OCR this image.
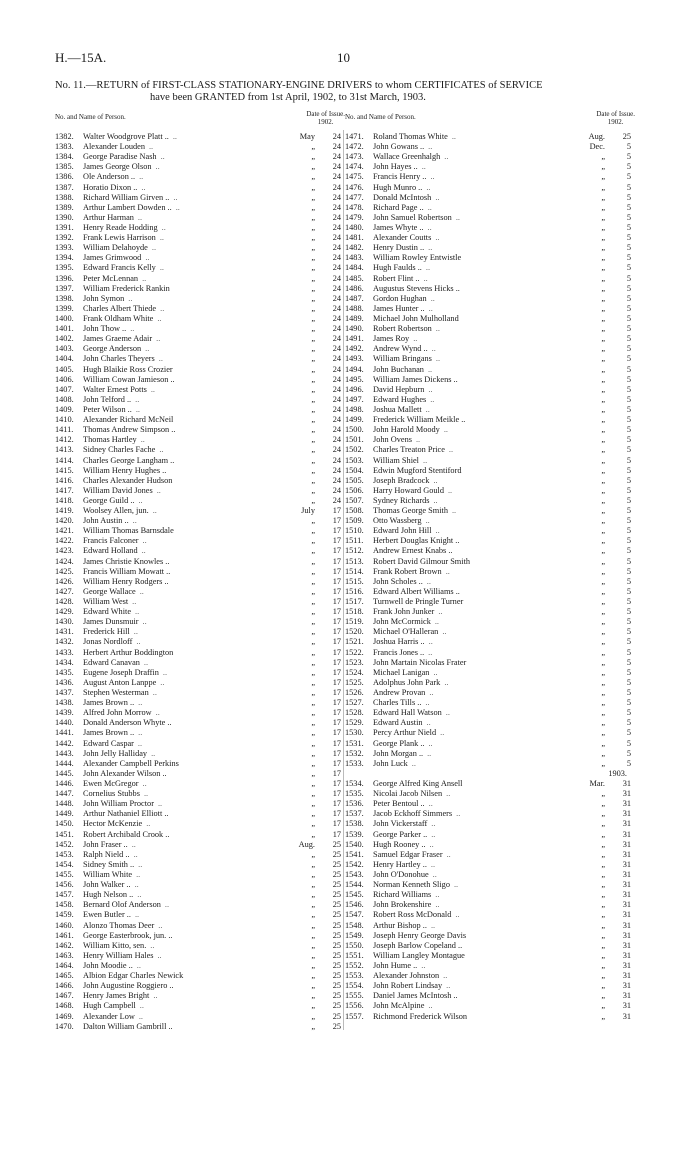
H.—15A.	10
No. 11.—RETURN of FIRST-CLASS STATIONARY-ENGINE DRIVERS to whom CERTIFICATES of SERVICE
have been GRANTED from 1st April, 1902, to 31st March, 1903.
No. and Name of Person.	Date of Issue.
1902.
1382. Walter Woodgrove Platt .. ..	May	24
1383. Alexander Louden ..	„	24
1384. George Paradise Nash ..	„	24
1385. James George Olson ..	„	24
1386. Ole Anderson .. ..	„	24
1387. Horatio Dixon .. ..	„	24
1388. Richard William Girven .. ..	„	24
1389. Arthur Lambert Dowden .. ..	„	24
1390. Arthur Harman ..	„	24
1391. Henry Reade Hodding ..	„	24
1392. Frank Lewis Harrison ..	„	24
1393. William Delahoyde ..	„	24
1394. James Grimwood ..	„	24
1395. Edward Francis Kelly ..	„	24
1396. Peter McLennan ..	„	24
1397. William Frederick Rankin	„	24
1398. John Symon ..	„	24
1399. Charles Albert Thiede ..	„	24
1400. Frank Oldham White ..	„	24
1401. John Thow .. ..	„	24
1402. James Graeme Adair ..	„	24
1403. George Anderson ..	„	24
1404. John Charles Theyers ..	„	24
1405. Hugh Blaikie Ross Crozier	„	24
1406. William Cowan Jamieson ..	„	24
1407. Walter Ernest Potts ..	„	24
1408. John Telford .. ..	„	24
1409. Peter Wilson .. ..	„	24
1410. Alexander Richard McNeil	„	24
1411. Thomas Andrew Simpson ..	„	24
1412. Thomas Hartley ..	„	24
1413. Sidney Charles Fache ..	„	24
1414. Charles George Langham ..	„	24
1415. William Henry Hughes ..	„	24
1416. Charles Alexander Hudson	„	24
1417. William David Jones ..	„	24
1418. George Guild .. ..	„	24
1419. Woolsey Allen, jun. ..	July	17
1420. John Austin .. ..	„	17
1421. William Thomas Barnsdale	„	17
1422. Francis Falconer ..	„	17
1423. Edward Holland ..	„	17
1424. James Christie Knowles ..	„	17
1425. Francis William Mowatt ..	„	17
1426. William Henry Rodgers ..	„	17
1427. George Wallace ..	„	17
1428. William West ..	„	17
1429. Edward White ..	„	17
1430. James Dunsmuir ..	„	17
1431. Frederick Hill ..	„	17
1432. Jonas Nordloff ..	„	17
1433. Herbert Arthur Boddington	„	17
1434. Edward Canavan ..	„	17
1435. Eugene Joseph Draffin ..	„	17
1436. August Anton Lanppe ..	„	17
1437. Stephen Westerman ..	„	17
1438. James Brown .. ..	„	17
1439. Alfred John Morrow ..	„	17
1440. Donald Anderson Whyte ..	„	17
1441. James Brown .. ..	„	17
1442. Edward Caspar ..	„	17
1443. John Jelly Halliday ..	„	17
1444. Alexander Campbell Perkins	„	17
1445. John Alexander Wilson ..	„	17
1446. Ewen McGregor ..	„	17
1447. Cornelius Stubbs ..	„	17
1448. John William Proctor ..	„	17
1449. Arthur Nathaniel Elliott ..	„	17
1450. Hector McKenzie ..	„	17
1451. Robert Archibald Crook ..	„	17
1452. John Fraser .. ..	Aug.	25
1453. Ralph Nield .. ..	„	25
1454. Sidney Smith .. ..	„	25
1455. William White ..	„	25
1456. John Walker .. ..	„	25
1457. Hugh Nelson .. ..	„	25
1458. Bernard Olof Anderson ..	„	25
1459. Ewen Butler .. ..	„	25
1460. Alonzo Thomas Deer ..	„	25
1461. George Easterbrook, jun. ..	„	25
1462. William Kitto, sen. ..	„	25
1463. Henry William Hales ..	„	25
1464. John Moodie .. ..	„	25
1465. Albion Edgar Charles Newick	„	25
1466. John Augustine Roggiero ..	„	25
1467. Henry James Bright ..	„	25
1468. Hugh Campbell ..	„	25
1469. Alexander Low ..	„	25
1470. Dalton William Gambrill ..	„	25
No. and Name of Person.	Date of Issue.
1902.
1471. Roland Thomas White ..	Aug.	25
1472. John Gowans .. ..	Dec.	5
1473. Wallace Greenhalgh ..	„	5
1474. John Hayes .. ..	„	5
1475. Francis Henry .. ..	„	5
1476. Hugh Munro .. ..	„	5
1477. Donald McIntosh ..	„	5
1478. Richard Page .. ..	„	5
1479. John Samuel Robertson ..	„	5
1480. James Whyte .. ..	„	5
1481. Alexander Coutts ..	„	5
1482. Henry Dustin .. ..	„	5
1483. William Rowley Entwistle	„	5
1484. Hugh Faulds .. ..	„	5
1485. Robert Flint .. ..	„	5
1486. Augustus Stevens Hicks ..	„	5
1487. Gordon Hughan ..	„	5
1488. James Hunter .. ..	„	5
1489. Michael John Mulholland	„	5
1490. Robert Robertson ..	„	5
1491. James Roy ..	„	5
1492. Andrew Wynd .. ..	„	5
1493. William Bringans ..	„	5
1494. John Buchanan ..	„	5
1495. William James Dickens ..	„	5
1496. David Hepburn ..	„	5
1497. Edward Hughes ..	„	5
1498. Joshua Mallett ..	„	5
1499. Frederick William Meikle ..	„	5
1500. John Harold Moody ..	„	5
1501. John Ovens ..	„	5
1502. Charles Treaton Price ..	„	5
1503. William Shiel ..	„	5
1504. Edwin Mugford Stentiford	„	5
1505. Joseph Bradcock ..	„	5
1506. Harry Howard Gould ..	„	5
1507. Sydney Richards ..	„	5
1508. Thomas George Smith ..	„	5
1509. Otto Wassberg ..	„	5
1510. Edward John Hill ..	„	5
1511. Herbert Douglas Knight ..	„	5
1512. Andrew Ernest Knabs ..	„	5
1513. Robert David Gilmour Smith	„	5
1514. Frank Robert Brown ..	„	5
1515. John Scholes .. ..	„	5
1516. Edward Albert Williams ..	„	5
1517. Turnwell de Pringle Turner	„	5
1518. Frank John Junker ..	„	5
1519. John McCormick ..	„	5
1520. Michael O'Halleran ..	„	5
1521. Joshua Harris .. ..	„	5
1522. Francis Jones .. ..	„	5
1523. John Martain Nicolas Frater	„	5
1524. Michael Lanigan ..	„	5
1525. Adolphus John Park ..	„	5
1526. Andrew Provan ..	„	5
1527. Charles Tills .. ..	„	5
1528. Edward Hall Watson ..	„	5
1529. Edward Austin ..	„	5
1530. Percy Arthur Nield ..	„	5
1531. George Plank .. ..	„	5
1532. John Morgan .. ..	„	5
1533. John Luck ..	„	5
1903.
1534. George Alfred King Ansell	Mar.	31
1535. Nicolai Jacob Nilsen ..	„	31
1536. Peter Bentoul .. ..	„	31
1537. Jacob Eckhoff Simmers ..	„	31
1538. John Vickerstaff ..	„	31
1539. George Parker .. ..	„	31
1540. Hugh Rooney .. ..	„	31
1541. Samuel Edgar Fraser ..	„	31
1542. Henry Hartley .. ..	„	31
1543. John O'Donohue ..	„	31
1544. Norman Kenneth Sligo ..	„	31
1545. Richard Williams ..	„	31
1546. John Brokenshire ..	„	31
1547. Robert Ross McDonald ..	„	31
1548. Arthur Bishop .. ..	„	31
1549. Joseph Henry George Davis	„	31
1550. Joseph Barlow Copeland ..	„	31
1551. William Langley Montague	„	31
1552. John Hume .. ..	„	31
1553. Alexander Johnston ..	„	31
1554. John Robert Lindsay ..	„	31
1555. Daniel James McIntosh ..	„	31
1556. John McAlpine ..	„	31
1557. Richmond Frederick Wilson	„	31
